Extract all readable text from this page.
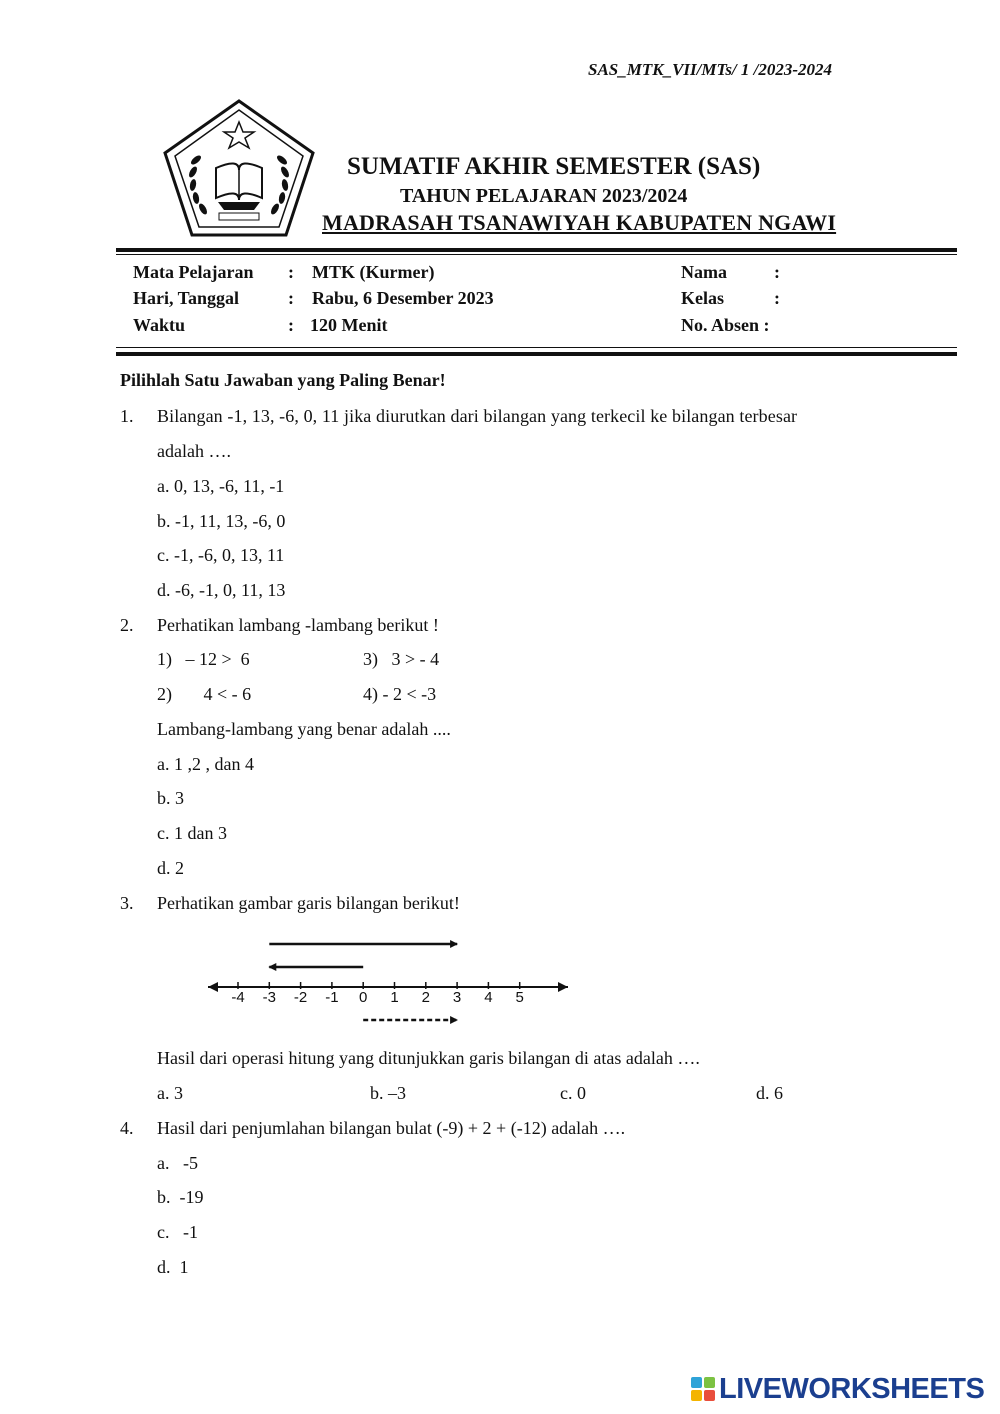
SAS_MTK_VII/MTs/ 1 /2023-2024
SUMATIF AKHIR SEMESTER (SAS)
TAHUN PELAJARAN 2023/2024
MADRASAH TSANAWIYAH KABUPATEN NGAWI
Mata Pelajaran : MTK (Kurmer)
Hari, Tanggal	: Rabu, 6 Desember 2023
Waktu	: 120 Menit
Nama	:
Kelas	:
No. Absen :
Pilihlah Satu Jawaban yang Paling Benar!
1. Bilangan -1, 13, -6, 0, 11 jika diurutkan dari bilangan yang terkecil ke bilangan terbesar
adalah ….
a. 0, 13, -6, 11, -1
b. -1, 11, 13, -6, 0
c. -1, -6, 0, 13, 11
d. -6, -1, 0, 11, 13
2. Perhatikan lambang -lambang berikut !
1)   – 12 >  6	3)   3 > - 4
2)       4 < - 6	4) - 2 < -3
Lambang-lambang yang benar adalah ....
a. 1 ,2 , dan 4
b. 3
c. 1 dan 3
d. 2
3. Perhatikan gambar garis bilangan berikut!
-4 -3 -2 -1 0 1 2 3 4 5
Hasil dari operasi hitung yang ditunjukkan garis bilangan di atas adalah ….
a. 3	b. –3	c. 0	d. 6
4. Hasil dari penjumlahan bilangan bulat (-9) + 2 + (-12) adalah ….
a.   -5
b.  -19
c.   -1
d.  1
LIVEWORKSHEETS
